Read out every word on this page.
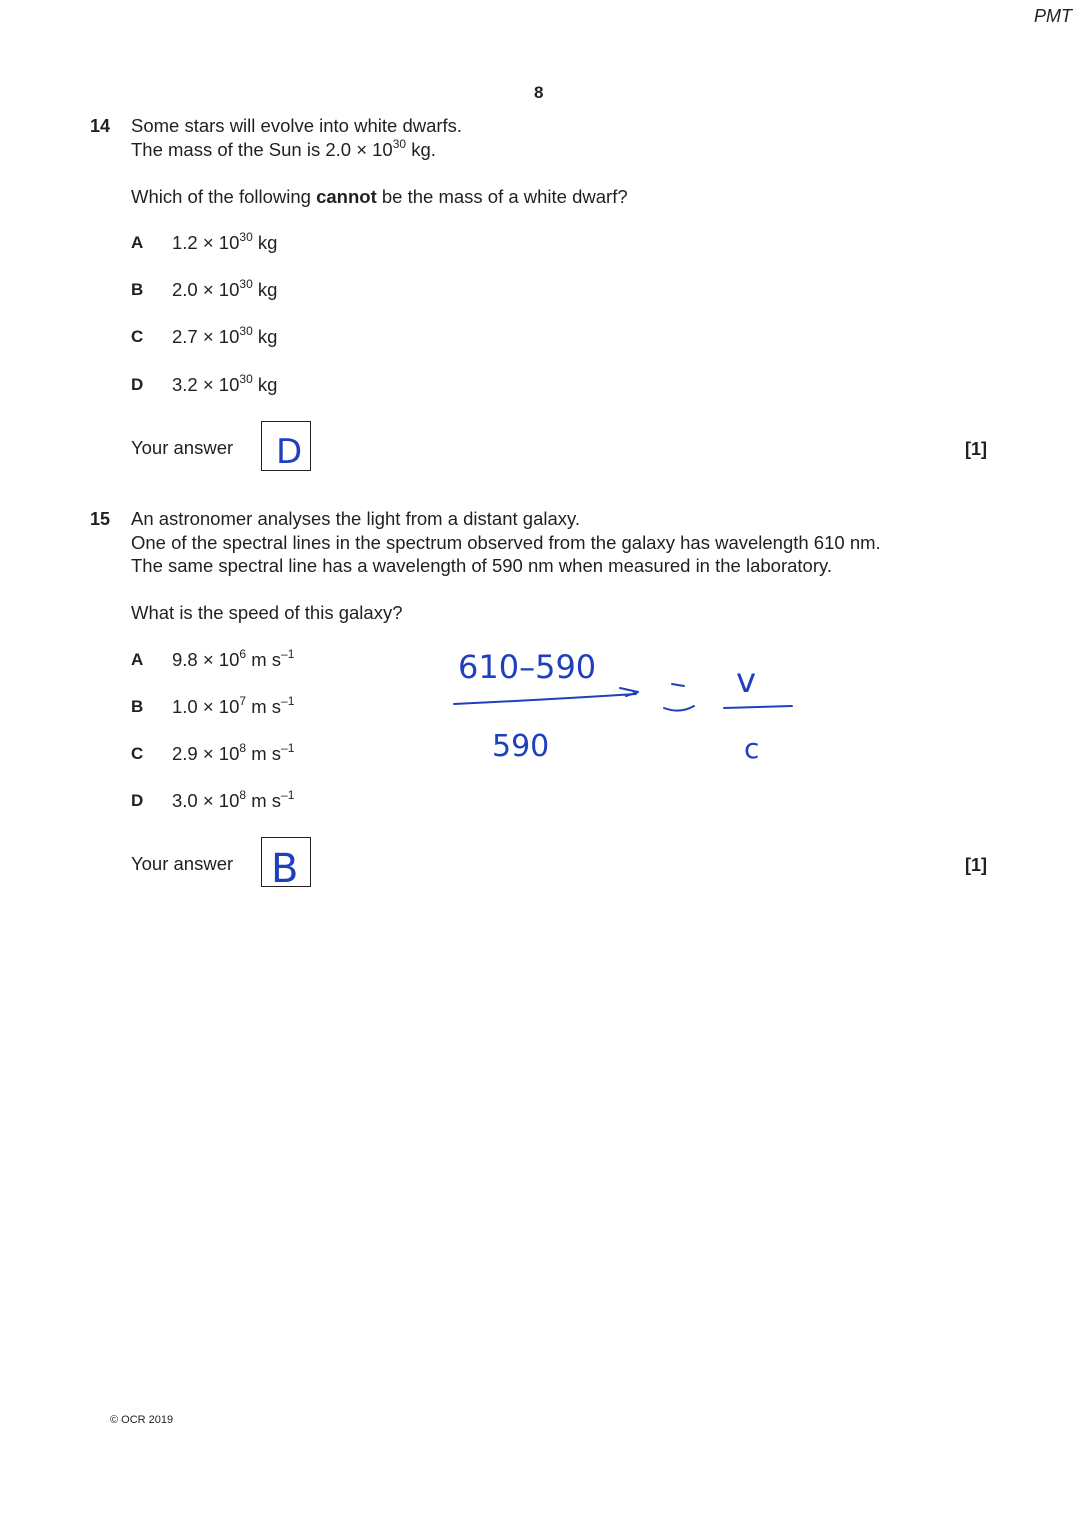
PMT
8
14 Some stars will evolve into white dwarfs.
The mass of the Sun is $2.0 \times 10^{30}$ kg.
Which of the following cannot be the mass of a white dwarf?
A $1.2 \times 10^{30}$ kg
B $2.0 \times 10^{30}$ kg
C $2.7 \times 10^{30}$ kg
D $3.2 \times 10^{30}$ kg
Your answer D	[1]
15 An astronomer analyses the light from a distant galaxy.
One of the spectral lines in the spectrum observed from the galaxy has wavelength 610 nm.
The same spectral line has a wavelength of 590 nm when measured in the laboratory.
What is the speed of this galaxy?
A $9.8 \times 10^6$ m $s^{-1}$
B $1.0 \times 10^7$ m $s^{-1}$
C $2.9 \times 10^8$ m $s^{-1}$
D $3.0 \times 10^8$ m $s^{-1}$
610–590
590
v
c
Your answer B	[1]
© OCR 2019
